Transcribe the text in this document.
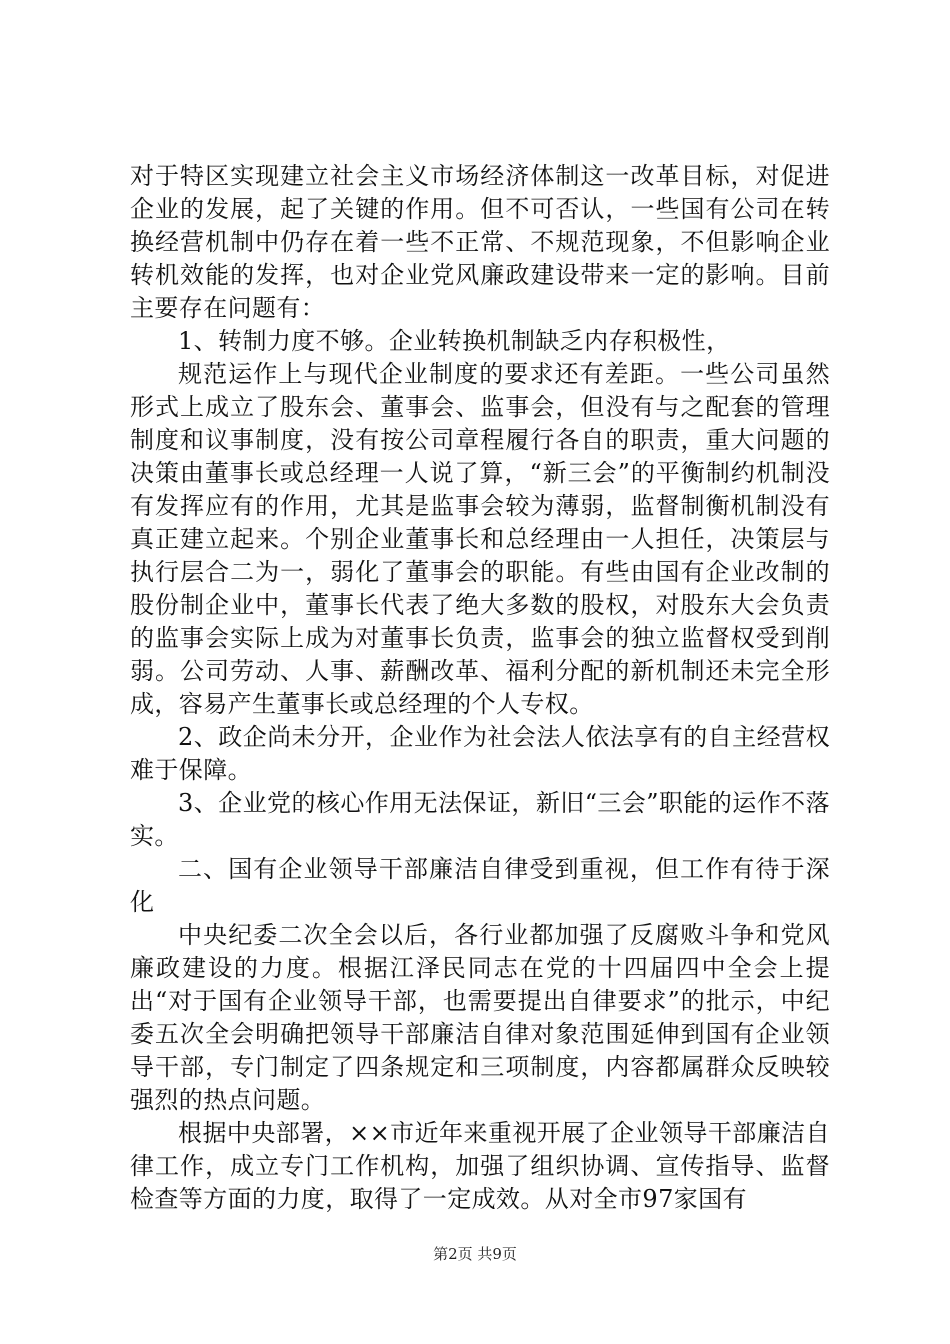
对于特区实现建立社会主义市场经济体制这一改革目标，对促进企业的发展，起了关键的作用。但不可否认，一些国有公司在转换经营机制中仍存在着一些不正常、不规范现象，不但影响企业转机效能的发挥，也对企业党风廉政建设带来一定的影响。目前主要存在问题有：

1、转制力度不够。企业转换机制缺乏内存积极性，

规范运作上与现代企业制度的要求还有差距。一些公司虽然形式上成立了股东会、董事会、监事会，但没有与之配套的管理制度和议事制度，没有按公司章程履行各自的职责，重大问题的决策由董事长或总经理一人说了算，“新三会”的平衡制约机制没有发挥应有的作用，尤其是监事会较为薄弱，监督制衡机制没有真正建立起来。个别企业董事长和总经理由一人担任，决策层与执行层合二为一，弱化了董事会的职能。有些由国有企业改制的股份制企业中，董事长代表了绝大多数的股权，对股东大会负责的监事会实际上成为对董事长负责，监事会的独立监督权受到削弱。公司劳动、人事、薪酬改革、福利分配的新机制还未完全形成，容易产生董事长或总经理的个人专权。

2、政企尚未分开，企业作为社会法人依法享有的自主经营权难于保障。

3、企业党的核心作用无法保证，新旧“三会”职能的运作不落实。

二、国有企业领导干部廉洁自律受到重视，但工作有待于深化

中央纪委二次全会以后，各行业都加强了反腐败斗争和党风廉政建设的力度。根据江泽民同志在党的十四届四中全会上提出“对于国有企业领导干部，也需要提出自律要求”的批示，中纪委五次全会明确把领导干部廉洁自律对象范围延伸到国有企业领导干部，专门制定了四条规定和三项制度，内容都属群众反映较强烈的热点问题。

根据中央部署，××市近年来重视开展了企业领导干部廉洁自律工作，成立专门工作机构，加强了组织协调、宣传指导、监督检查等方面的力度，取得了一定成效。从对全市97家国有

第2页 共9页
